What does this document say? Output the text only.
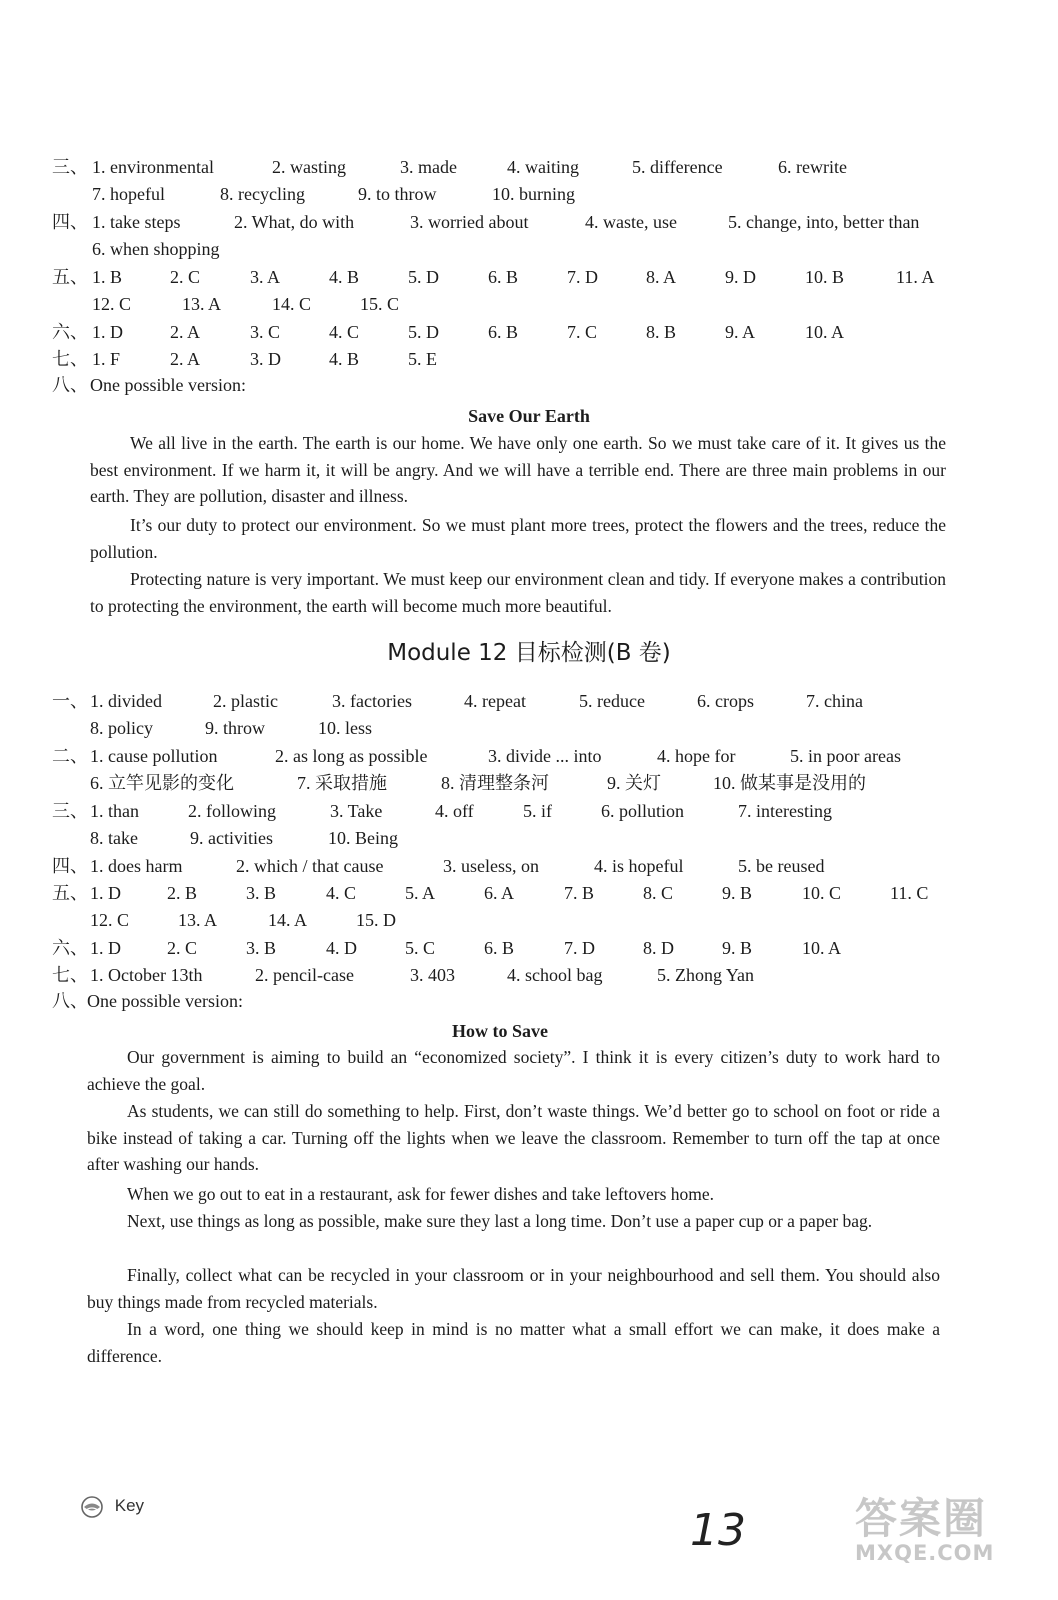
三、 1. environmental	2. wasting	3. made	4. waiting	5. difference	6. rewrite
7. hopeful	8. recycling	9. to throw	10. burning
四、 1. take steps	2. What, do with	3. worried about	4. waste, use	5. change, into, better than
6. when shopping
五、 1. B	2. C	3. A	4. B	5. D	6. B	7. D	8. A	9. D	10. B	11. A
12. C	13. A	14. C	15. C
六、 1. D	2. A	3. C	4. C	5. D	6. B	7. C	8. B	9. A	10. A
七、 1. F	2. A	3. D	4. B	5. E
八、 One possible version:
Save Our Earth

We all live in the earth. The earth is our home. We have only one earth. So we must take care of it. It gives us the best environment. If we harm it, it will be angry. And we will have a terrible end. There are three main problems in our earth. They are pollution, disaster and illness.

It’s our duty to protect our environment. So we must plant more trees, protect the flowers and the trees, reduce the pollution.

Protecting nature is very important. We must keep our environment clean and tidy. If everyone makes a contribution to protecting the environment, the earth will become much more beautiful.

Module 12 目标检测(B 卷)
一、 1. divided	2. plastic	3. factories	4. repeat	5. reduce	6. crops	7. china
8. policy	9. throw	10. less
二、 1. cause pollution	2. as long as possible	3. divide ... into	4. hope for	5. in poor areas
6. 立竿见影的变化	7. 采取措施	8. 清理整条河	9. 关灯	10. 做某事是没用的
三、 1. than	2. following	3. Take	4. off	5. if	6. pollution	7. interesting
8. take	9. activities	10. Being
四、 1. does harm	2. which / that cause	3. useless, on	4. is hopeful	5. be reused
五、 1. D	2. B	3. B	4. C	5. A	6. A	7. B	8. C	9. B	10. C	11. C
12. C	13. A	14. A	15. D
六、 1. D	2. C	3. B	4. D	5. C	6. B	7. D	8. D	9. B	10. A
七、 1. October 13th	2. pencil-case	3. 403	4. school bag	5. Zhong Yan
八、 One possible version:
How to Save

Our government is aiming to build an “economized society”. I think it is every citizen’s duty to work hard to achieve the goal.

As students, we can still do something to help. First, don’t waste things. We’d better go to school on foot or ride a bike instead of taking a car. Turning off the lights when we leave the classroom. Remember to turn off the tap at once after washing our hands.

When we go out to eat in a restaurant, ask for fewer dishes and take leftovers home.

Next, use things as long as possible, make sure they last a long time. Don’t use a paper cup or a paper bag.

Finally, collect what can be recycled in your classroom or in your neighbourhood and sell them. You should also buy things made from recycled materials.

In a word, one thing we should keep in mind is no matter what a small effort we can make, it does make a difference.

Key	13	答案圈
MXQE.COM
